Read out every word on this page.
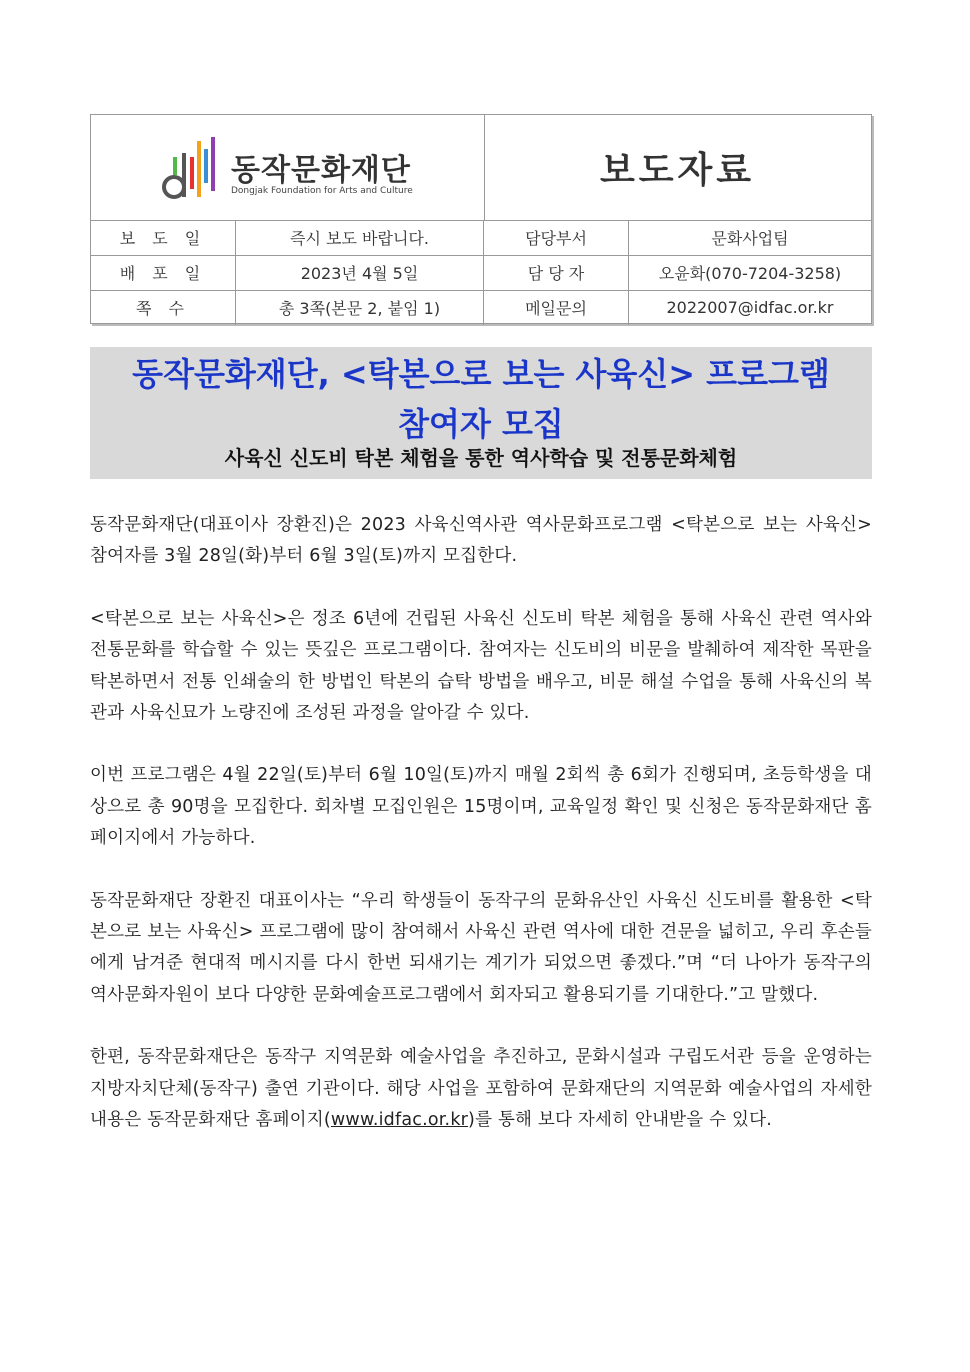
동작문화재단
Dongjak Foundation for Arts and Culture	보도자료
보 도 일	즉시 보도 바랍니다.	담당부서	문화사업팀
배 포 일	2023년 4월 5일	담 당 자	오윤화(070-7204-3258)
쪽 수	총 3쪽(본문 2, 붙임 1)	메일문의	2022007@idfac.or.kr
동작문화재단, <탁본으로 보는 사육신> 프로그램
참여자 모집
사육신 신도비 탁본 체험을 통한 역사학습 및 전통문화체험

동작문화재단(대표이사 장환진)은 2023 사육신역사관 역사문화프로그램 <탁본으로 보는 사육신> 참여자를 3월 28일(화)부터 6월 3일(토)까지 모집한다.

<탁본으로 보는 사육신>은 정조 6년에 건립된 사육신 신도비 탁본 체험을 통해 사육신 관련 역사와 전통문화를 학습할 수 있는 뜻깊은 프로그램이다. 참여자는 신도비의 비문을 발췌하여 제작한 목판을 탁본하면서 전통 인쇄술의 한 방법인 탁본의 습탁 방법을 배우고, 비문 해설 수업을 통해 사육신의 복관과 사육신묘가 노량진에 조성된 과정을 알아갈 수 있다.

이번 프로그램은 4월 22일(토)부터 6월 10일(토)까지 매월 2회씩 총 6회가 진행되며, 초등학생을 대상으로 총 90명을 모집한다. 회차별 모집인원은 15명이며, 교육일정 확인 및 신청은 동작문화재단 홈페이지에서 가능하다.

동작문화재단 장환진 대표이사는 “우리 학생들이 동작구의 문화유산인 사육신 신도비를 활용한 <탁본으로 보는 사육신> 프로그램에 많이 참여해서 사육신 관련 역사에 대한 견문을 넓히고, 우리 후손들에게 남겨준 현대적 메시지를 다시 한번 되새기는 계기가 되었으면 좋겠다.”며 “더 나아가 동작구의 역사문화자원이 보다 다양한 문화예술프로그램에서 회자되고 활용되기를 기대한다.”고 말했다.

한편, 동작문화재단은 동작구 지역문화 예술사업을 추진하고, 문화시설과 구립도서관 등을 운영하는 지방자치단체(동작구) 출연 기관이다. 해당 사업을 포함하여 문화재단의 지역문화 예술사업의 자세한 내용은 동작문화재단 홈페이지(www.idfac.or.kr)를 통해 보다 자세히 안내받을 수 있다.
